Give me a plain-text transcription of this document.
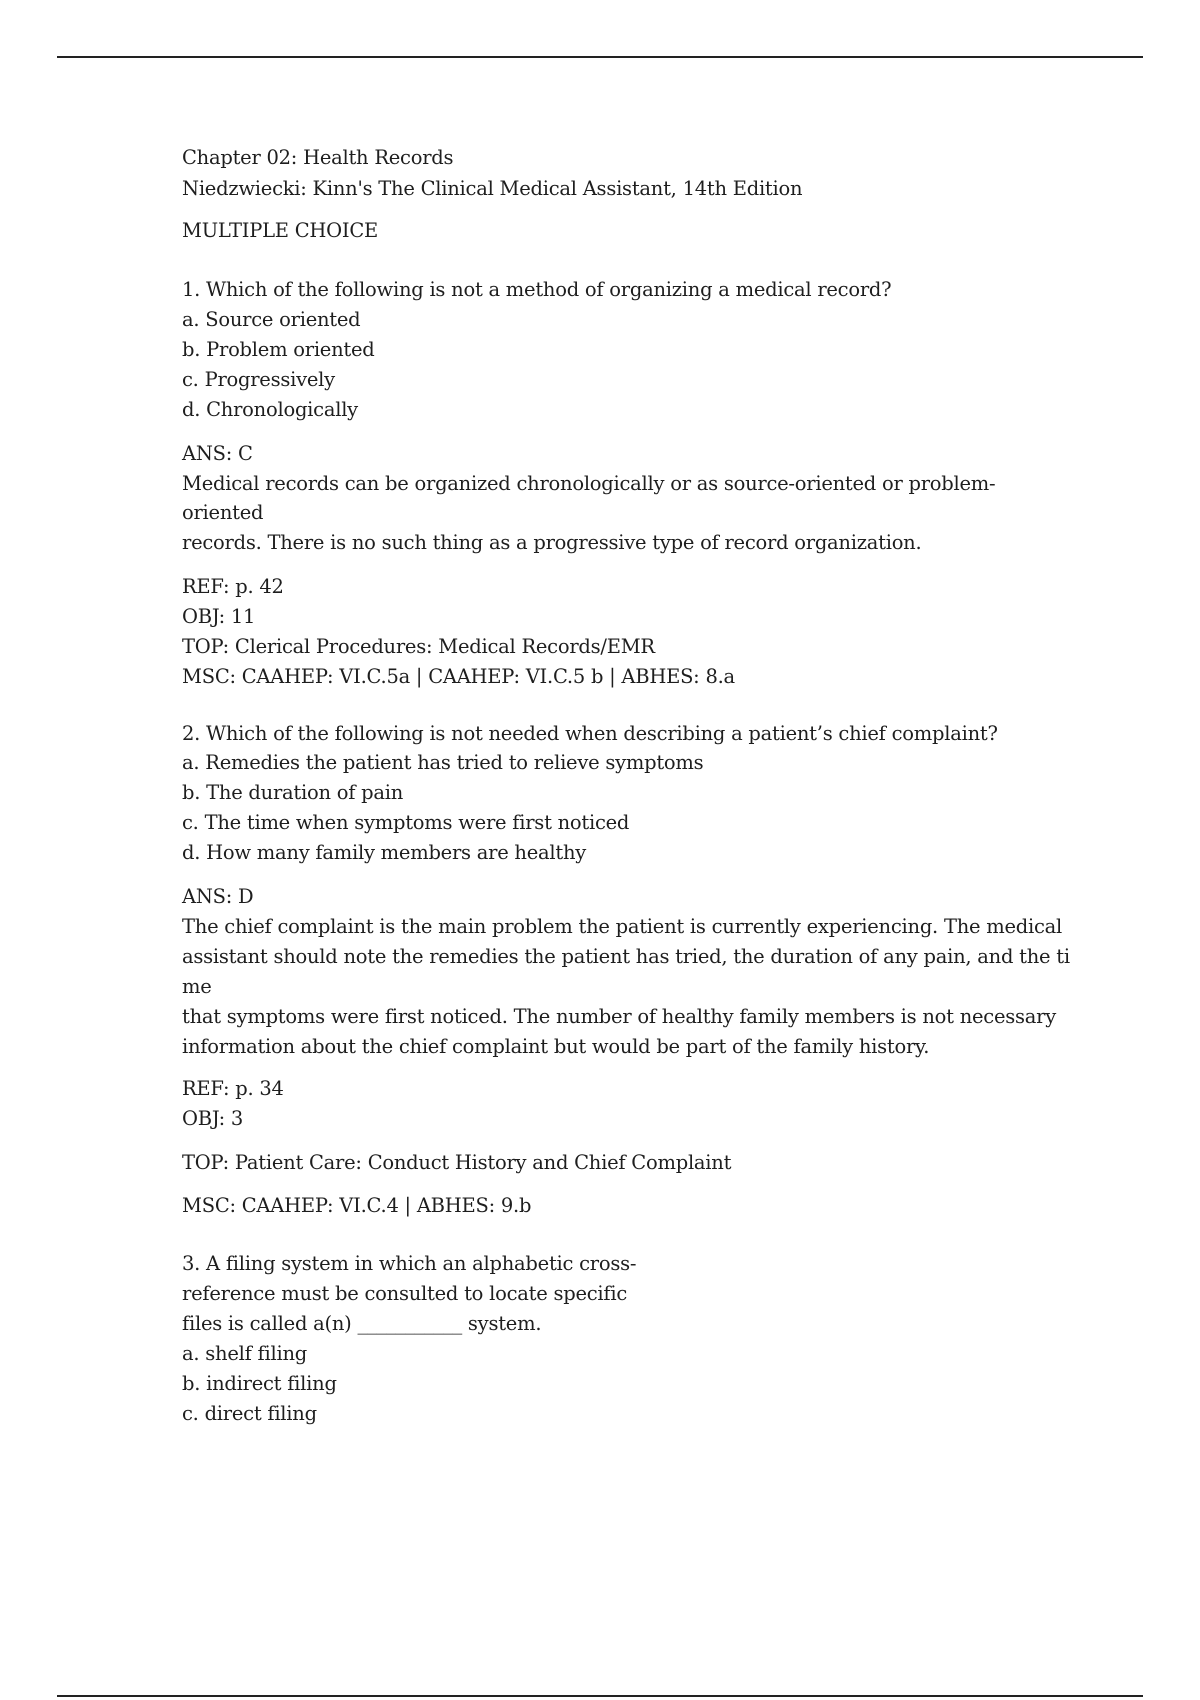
Chapter 02: Health Records
Niedzwiecki: Kinn's The Clinical Medical Assistant, 14th Edition
MULTIPLE CHOICE
1. Which of the following is not a method of organizing a medical record?
a. Source oriented
b. Problem oriented
c. Progressively
d. Chronologically
ANS: C
Medical records can be organized chronologically or as source-oriented or problem-
oriented
records. There is no such thing as a progressive type of record organization.
REF: p. 42
OBJ: 11
TOP: Clerical Procedures: Medical Records/EMR
MSC: CAAHEP: VI.C.5a | CAAHEP: VI.C.5 b | ABHES: 8.a
2. Which of the following is not needed when describing a patient’s chief complaint?
a. Remedies the patient has tried to relieve symptoms
b. The duration of pain
c. The time when symptoms were first noticed
d. How many family members are healthy
ANS: D
The chief complaint is the main problem the patient is currently experiencing. The medical
assistant should note the remedies the patient has tried, the duration of any pain, and the ti
me
that symptoms were first noticed. The number of healthy family members is not necessary
information about the chief complaint but would be part of the family history.
REF: p. 34
OBJ: 3
TOP: Patient Care: Conduct History and Chief Complaint
MSC: CAAHEP: VI.C.4 | ABHES: 9.b
3. A filing system in which an alphabetic cross-
reference must be consulted to locate specific
files is called a(n) ___________ system.
a. shelf filing
b. indirect filing
c. direct filing
